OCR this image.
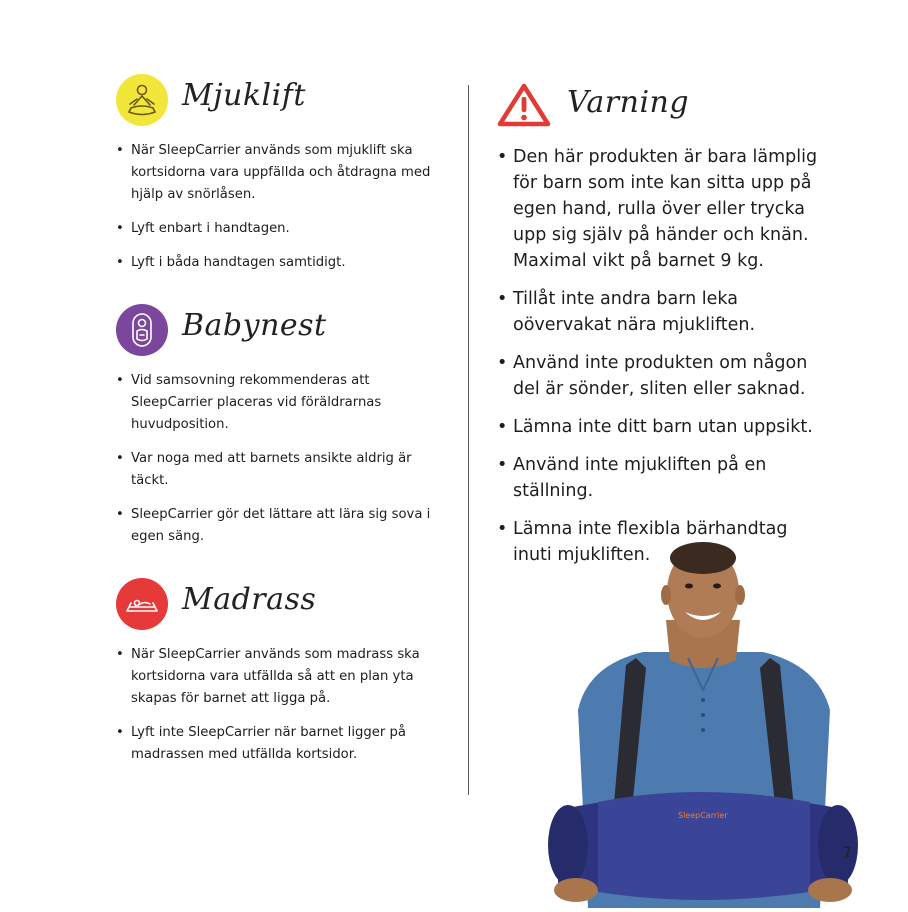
Mjuklift
• När SleepCarrier används som mjuklift ska kortsidorna vara uppfällda och åtdragna med hjälp av snörlåsen.
• Lyft enbart i handtagen.
• Lyft i båda handtagen samtidigt.
Babynest
• Vid samsovning rekommenderas att SleepCarrier placeras vid föräldrarnas huvudposition.
• Var noga med att barnets ansikte aldrig är täckt.
• SleepCarrier gör det lättare att lära sig sova i egen säng.
Madrass
• När SleepCarrier används som madrass ska kortsidorna vara utfällda så att en plan yta skapas för barnet att ligga på.
• Lyft inte SleepCarrier när barnet ligger på madrassen med utfällda kortsidor.
Varning
• Den här produkten är bara lämplig för barn som inte kan sitta upp på egen hand, rulla över eller trycka upp sig själv på händer och knän. Maximal vikt på barnet 9 kg.
• Tillåt inte andra barn leka oövervakat nära mjukliften.
• Använd inte produkten om någon del är sönder, sliten eller saknad.
• Lämna inte ditt barn utan uppsikt.
• Använd inte mjukliften på en ställning.
• Lämna inte flexibla bärhandtag inuti mjukliften.
SleepCarrier
7
